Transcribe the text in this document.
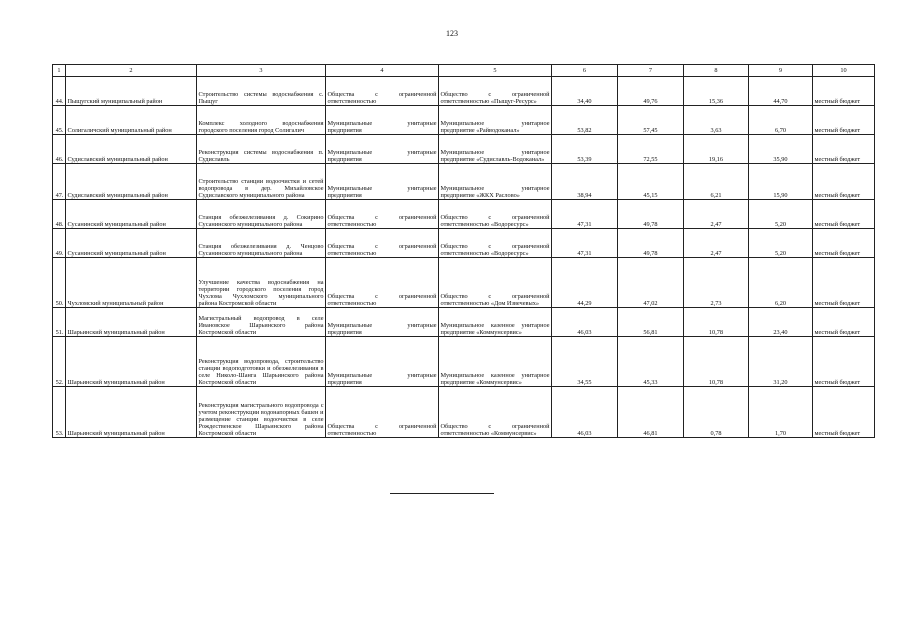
123
1	2	3	4	5	6	7	8	9	10
44.	Пыщугский муниципальный район	Строительство системы водоснабжения с. Пыщуг	Общества с ограниченной ответственностью	Общество с ограниченной ответственностью «Пыщуг-Ресурс»	34,40	49,76	15,36	44,70	местный бюджет
45.	Солигаличский муниципальный район	Комплекс холодного водоснабжения городского поселения город Солигалич	Муниципальные унитарные предприятия	Муниципальное унитарное предприятие «Райводоканал»	53,82	57,45	3,63	6,70	местный бюджет
46.	Судиславский муниципальный район	Реконструкция системы водоснабжения п. Судиславль	Муниципальные унитарные предприятия	Муниципальное унитарное предприятие «Судиславль-Водоканал»	53,39	72,55	19,16	35,90	местный бюджет
47.	Судиславский муниципальный район	Строительство станции водоочистки и сетей водопровода в дер. Михайловское Судиславского муниципального района	Муниципальные унитарные предприятия	Муниципальное унитарное предприятие «ЖКХ Раслово»	38,94	45,15	6,21	15,90	местный бюджет
48.	Сусанинский муниципальный район	Станция обезжелезивания д. Сокирино Сусанинского муниципального района	Общества с ограниченной ответственностью	Общество с ограниченной ответственностью «Водоресурс»	47,31	49,78	2,47	5,20	местный бюджет
49.	Сусанинский муниципальный район	Станция обезжелезивания д. Ченцово Сусанинского муниципального района	Общества с ограниченной ответственностью	Общество с ограниченной ответственностью «Водоресурс»	47,31	49,78	2,47	5,20	местный бюджет
50.	Чухломский муниципальный район	Улучшение качества водоснабжения на территории городского поселения город Чухлома Чухломского муниципального района Костромской области	Общества с ограниченной ответственностью	Общество с ограниченной ответственностью «Дом Извечевых»	44,29	47,02	2,73	6,20	местный бюджет
51.	Шарьинский муниципальный район	Магистральный водопровод в селе Ивановское Шарьинского района Костромской области	Муниципальные унитарные предприятия	Муниципальное казенное унитарное предприятие «Коммунсервис»	46,03	56,81	10,78	23,40	местный бюджет
52.	Шарьинский муниципальный район	Реконструкция водопровода, строительство станции водоподготовки и обезжелезивания в селе Николо-Шанга Шарьинского района Костромской области	Муниципальные унитарные предприятия	Муниципальное казенное унитарное предприятие «Коммунсервис»	34,55	45,33	10,78	31,20	местный бюджет
53.	Шарьинский муниципальный район	Реконструкция магистрального водопровода с учетом реконструкции водонапорных башен и размещение станции водоочистки в селе Рождественское Шарьинского района Костромской области	Общества с ограниченной ответственностью	Общество с ограниченной ответственностью «Коммунсервис»	46,03	46,81	0,78	1,70	местный бюджет
